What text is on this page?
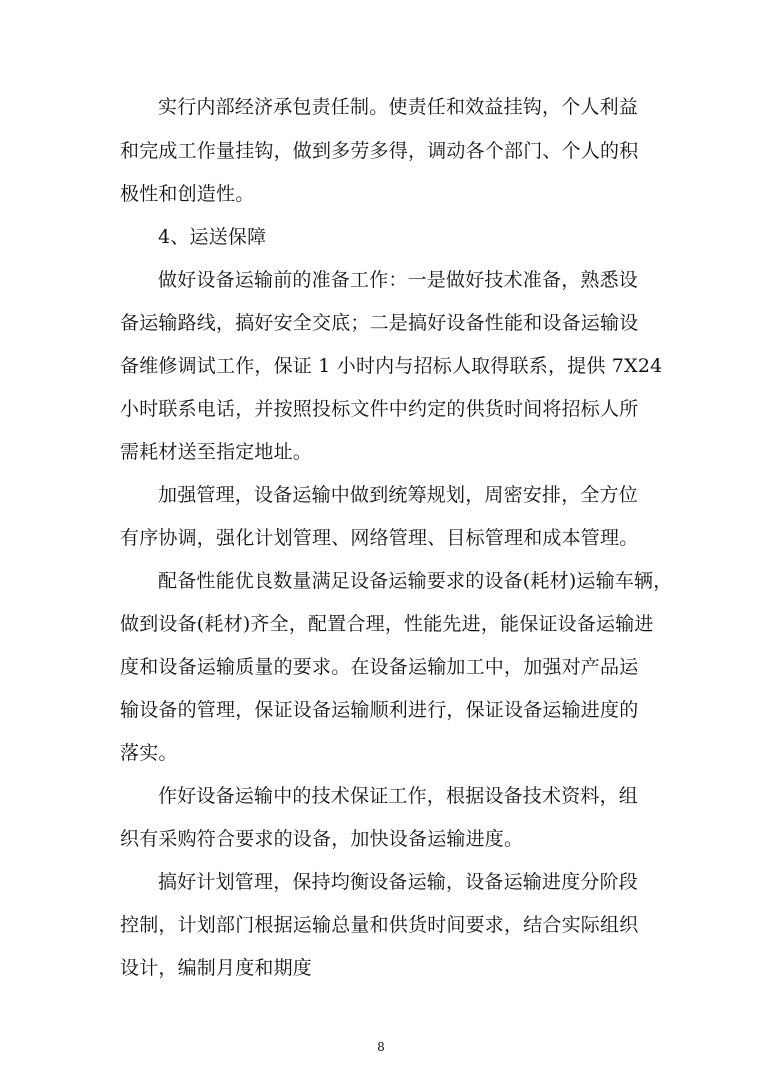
实行内部经济承包责任制。使责任和效益挂钩，个人利益
和完成工作量挂钩，做到多劳多得，调动各个部门、个人的积
极性和创造性。
4、运送保障
做好设备运输前的准备工作：一是做好技术准备，熟悉设
备运输路线，搞好安全交底；二是搞好设备性能和设备运输设
备维修调试工作，保证 1 小时内与招标人取得联系，提供 7X24
小时联系电话，并按照投标文件中约定的供货时间将招标人所
需耗材送至指定地址。
加强管理，设备运输中做到统筹规划，周密安排，全方位
有序协调，强化计划管理、网络管理、目标管理和成本管理。
配备性能优良数量满足设备运输要求的设备(耗材)运输车辆，
做到设备(耗材)齐全，配置合理，性能先进，能保证设备运输进
度和设备运输质量的要求。在设备运输加工中，加强对产品运
输设备的管理，保证设备运输顺利进行，保证设备运输进度的
落实。
作好设备运输中的技术保证工作，根据设备技术资料，组
织有采购符合要求的设备，加快设备运输进度。
搞好计划管理，保持均衡设备运输，设备运输进度分阶段
控制，计划部门根据运输总量和供货时间要求，结合实际组织
设计，编制月度和期度
8
